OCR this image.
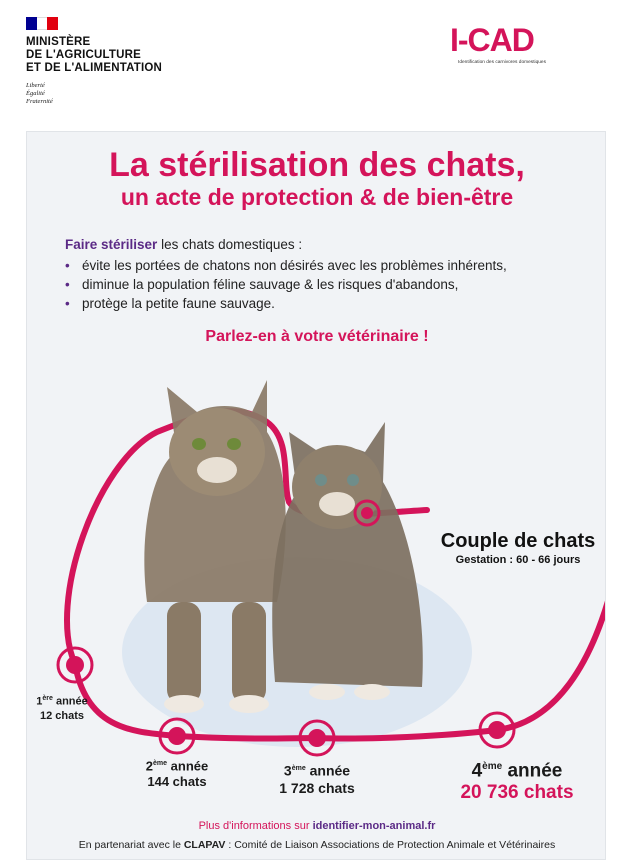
MINISTÈRE
DE L'AGRICULTURE
ET DE L'ALIMENTATION
Liberté
Égalité
Fraternité
I-CAD
Identification des carnivores domestiques
La stérilisation des chats,
un acte de protection & de bien-être
Faire stériliser les chats domestiques :
• évite les portées de chatons non désirés avec les problèmes inhérents,
• diminue la population féline sauvage & les risques d'abandons,
• protège la petite faune sauvage.
Parlez-en à votre vétérinaire !
Couple de chats
Gestation : 60 - 66 jours
1ère année
12 chats
2ème année
144 chats
3ème année
1 728 chats
4ème année
20 736 chats
Plus d'informations sur identifier-mon-animal.fr
En partenariat avec le CLAPAV : Comité de Liaison Associations de Protection Animale et Vétérinaires
